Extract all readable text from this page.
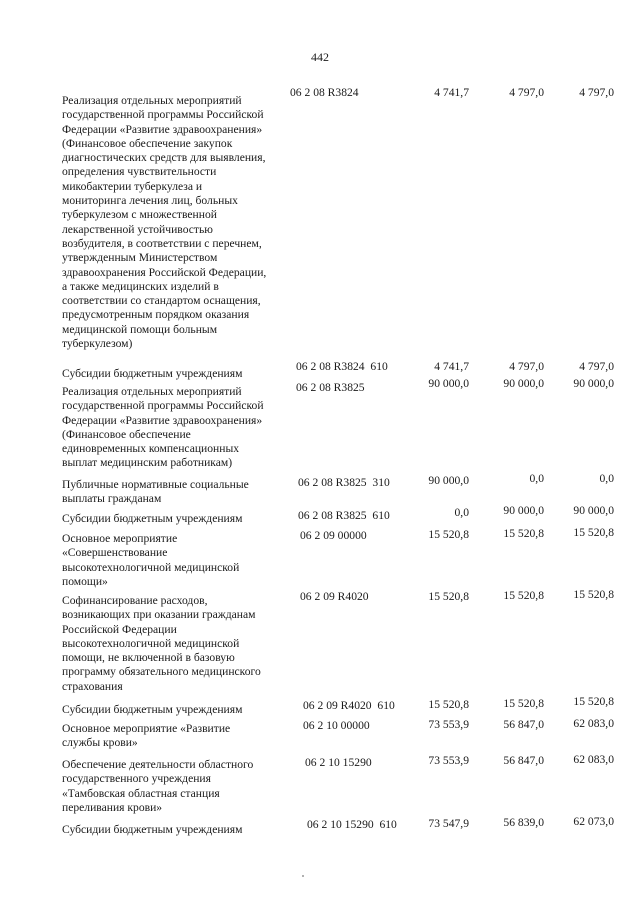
442
Реализация отдельных мероприятий
государственной программы Российской
Федерации «Развитие здравоохранения»
(Финансовое обеспечение закупок
диагностических средств для выявления,
определения чувствительности
микобактерии туберкулеза и
мониторинга лечения лиц, больных
туберкулезом с множественной
лекарственной устойчивостью
возбудителя, в соответствии с перечнем,
утвержденным Министерством
здравоохранения Российской Федерации,
а также медицинских изделий в
соответствии со стандартом оснащения,
предусмотренным порядком оказания
медицинской помощи больным
туберкулезом)
06 2 08 R3824	4 741,7	4 797,0	4 797,0
Субсидии бюджетным учреждениям
06 2 08 R3824  610	4 741,7	4 797,0	4 797,0
Реализация отдельных мероприятий
государственной программы Российской
Федерации «Развитие здравоохранения»
(Финансовое обеспечение
единовременных компенсационных
выплат медицинским работникам)
06 2 08 R3825	90 000,0	90 000,0	90 000,0
Публичные нормативные социальные
выплаты гражданам
06 2 08 R3825  310	90 000,0	0,0	0,0
Субсидии бюджетным учреждениям	06 2 08 R3825  610	0,0	90 000,0	90 000,0
Основное мероприятие
«Совершенствование
высокотехнологичной медицинской
помощи»
06 2 09 00000	15 520,8	15 520,8	15 520,8
Софинансирование расходов,
возникающих при оказании гражданам
Российской Федерации
высокотехнологичной медицинской
помощи, не включенной в базовую
программу обязательного медицинского
страхования
06 2 09 R4020	15 520,8	15 520,8	15 520,8
Субсидии бюджетным учреждениям	06 2 09 R4020  610	15 520,8	15 520,8	15 520,8
Основное мероприятие «Развитие
службы крови»
06 2 10 00000	73 553,9	56 847,0	62 083,0
Обеспечение деятельности областного
государственного учреждения
«Тамбовская областная станция
переливания крови»
06 2 10 15290	73 553,9	56 847,0	62 083,0
Субсидии бюджетным учреждениям	06 2 10 15290  610	73 547,9	56 839,0	62 073,0
